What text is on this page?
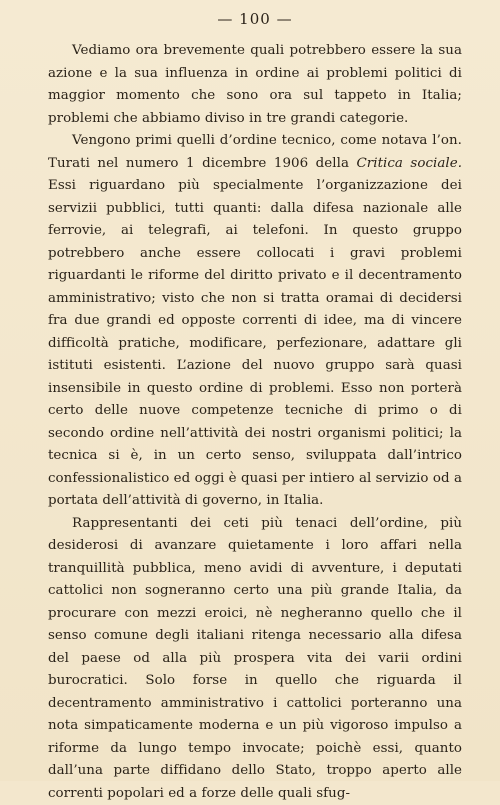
— 100 —

Vediamo ora brevemente quali potrebbero essere la sua azione e la sua influenza in ordine ai problemi politici di maggior momento che sono ora sul tappeto in Italia; problemi che abbiamo diviso in tre grandi categorie.

Vengono primi quelli d’ordine tecnico, come notava l’on. Turati nel numero 1 dicembre 1906 della Critica sociale. Essi riguardano più specialmente l’organizzazione dei servizii pubblici, tutti quanti: dalla difesa nazionale alle ferrovie, ai telegrafi, ai telefoni. In questo gruppo potrebbero anche essere collocati i gravi problemi riguardanti le riforme del diritto privato e il decentramento amministrativo; visto che non si tratta oramai di decidersi fra due grandi ed opposte correnti di idee, ma di vincere difficoltà pratiche, modificare, perfezionare, adattare gli istituti esistenti. L’azione del nuovo gruppo sarà quasi insensibile in questo ordine di problemi. Esso non porterà certo delle nuove competenze tecniche di primo o di secondo ordine nell’attività dei nostri organismi politici; la tecnica si è, in un certo senso, sviluppata dall’intrico confessionalistico ed oggi è quasi per intiero al servizio od a portata dell’attività di governo, in Italia.

Rappresentanti dei ceti più tenaci dell’ordine, più desiderosi di avanzare quietamente i loro affari nella tranquillità pubblica, meno avidi di avventure, i deputati cattolici non sogneranno certo una più grande Italia, da procurare con mezzi eroici, nè negheranno quello che il senso comune degli italiani ritenga necessario alla difesa del paese od alla più prospera vita dei varii ordini burocratici. Solo forse in quello che riguarda il decentramento amministrativo i cattolici porteranno una nota simpaticamente moderna e un più vigoroso impulso a riforme da lungo tempo invocate; poichè essi, quanto dall’una parte diffidano dello Stato, troppo aperto alle correnti popolari ed a forze delle quali sfug-
